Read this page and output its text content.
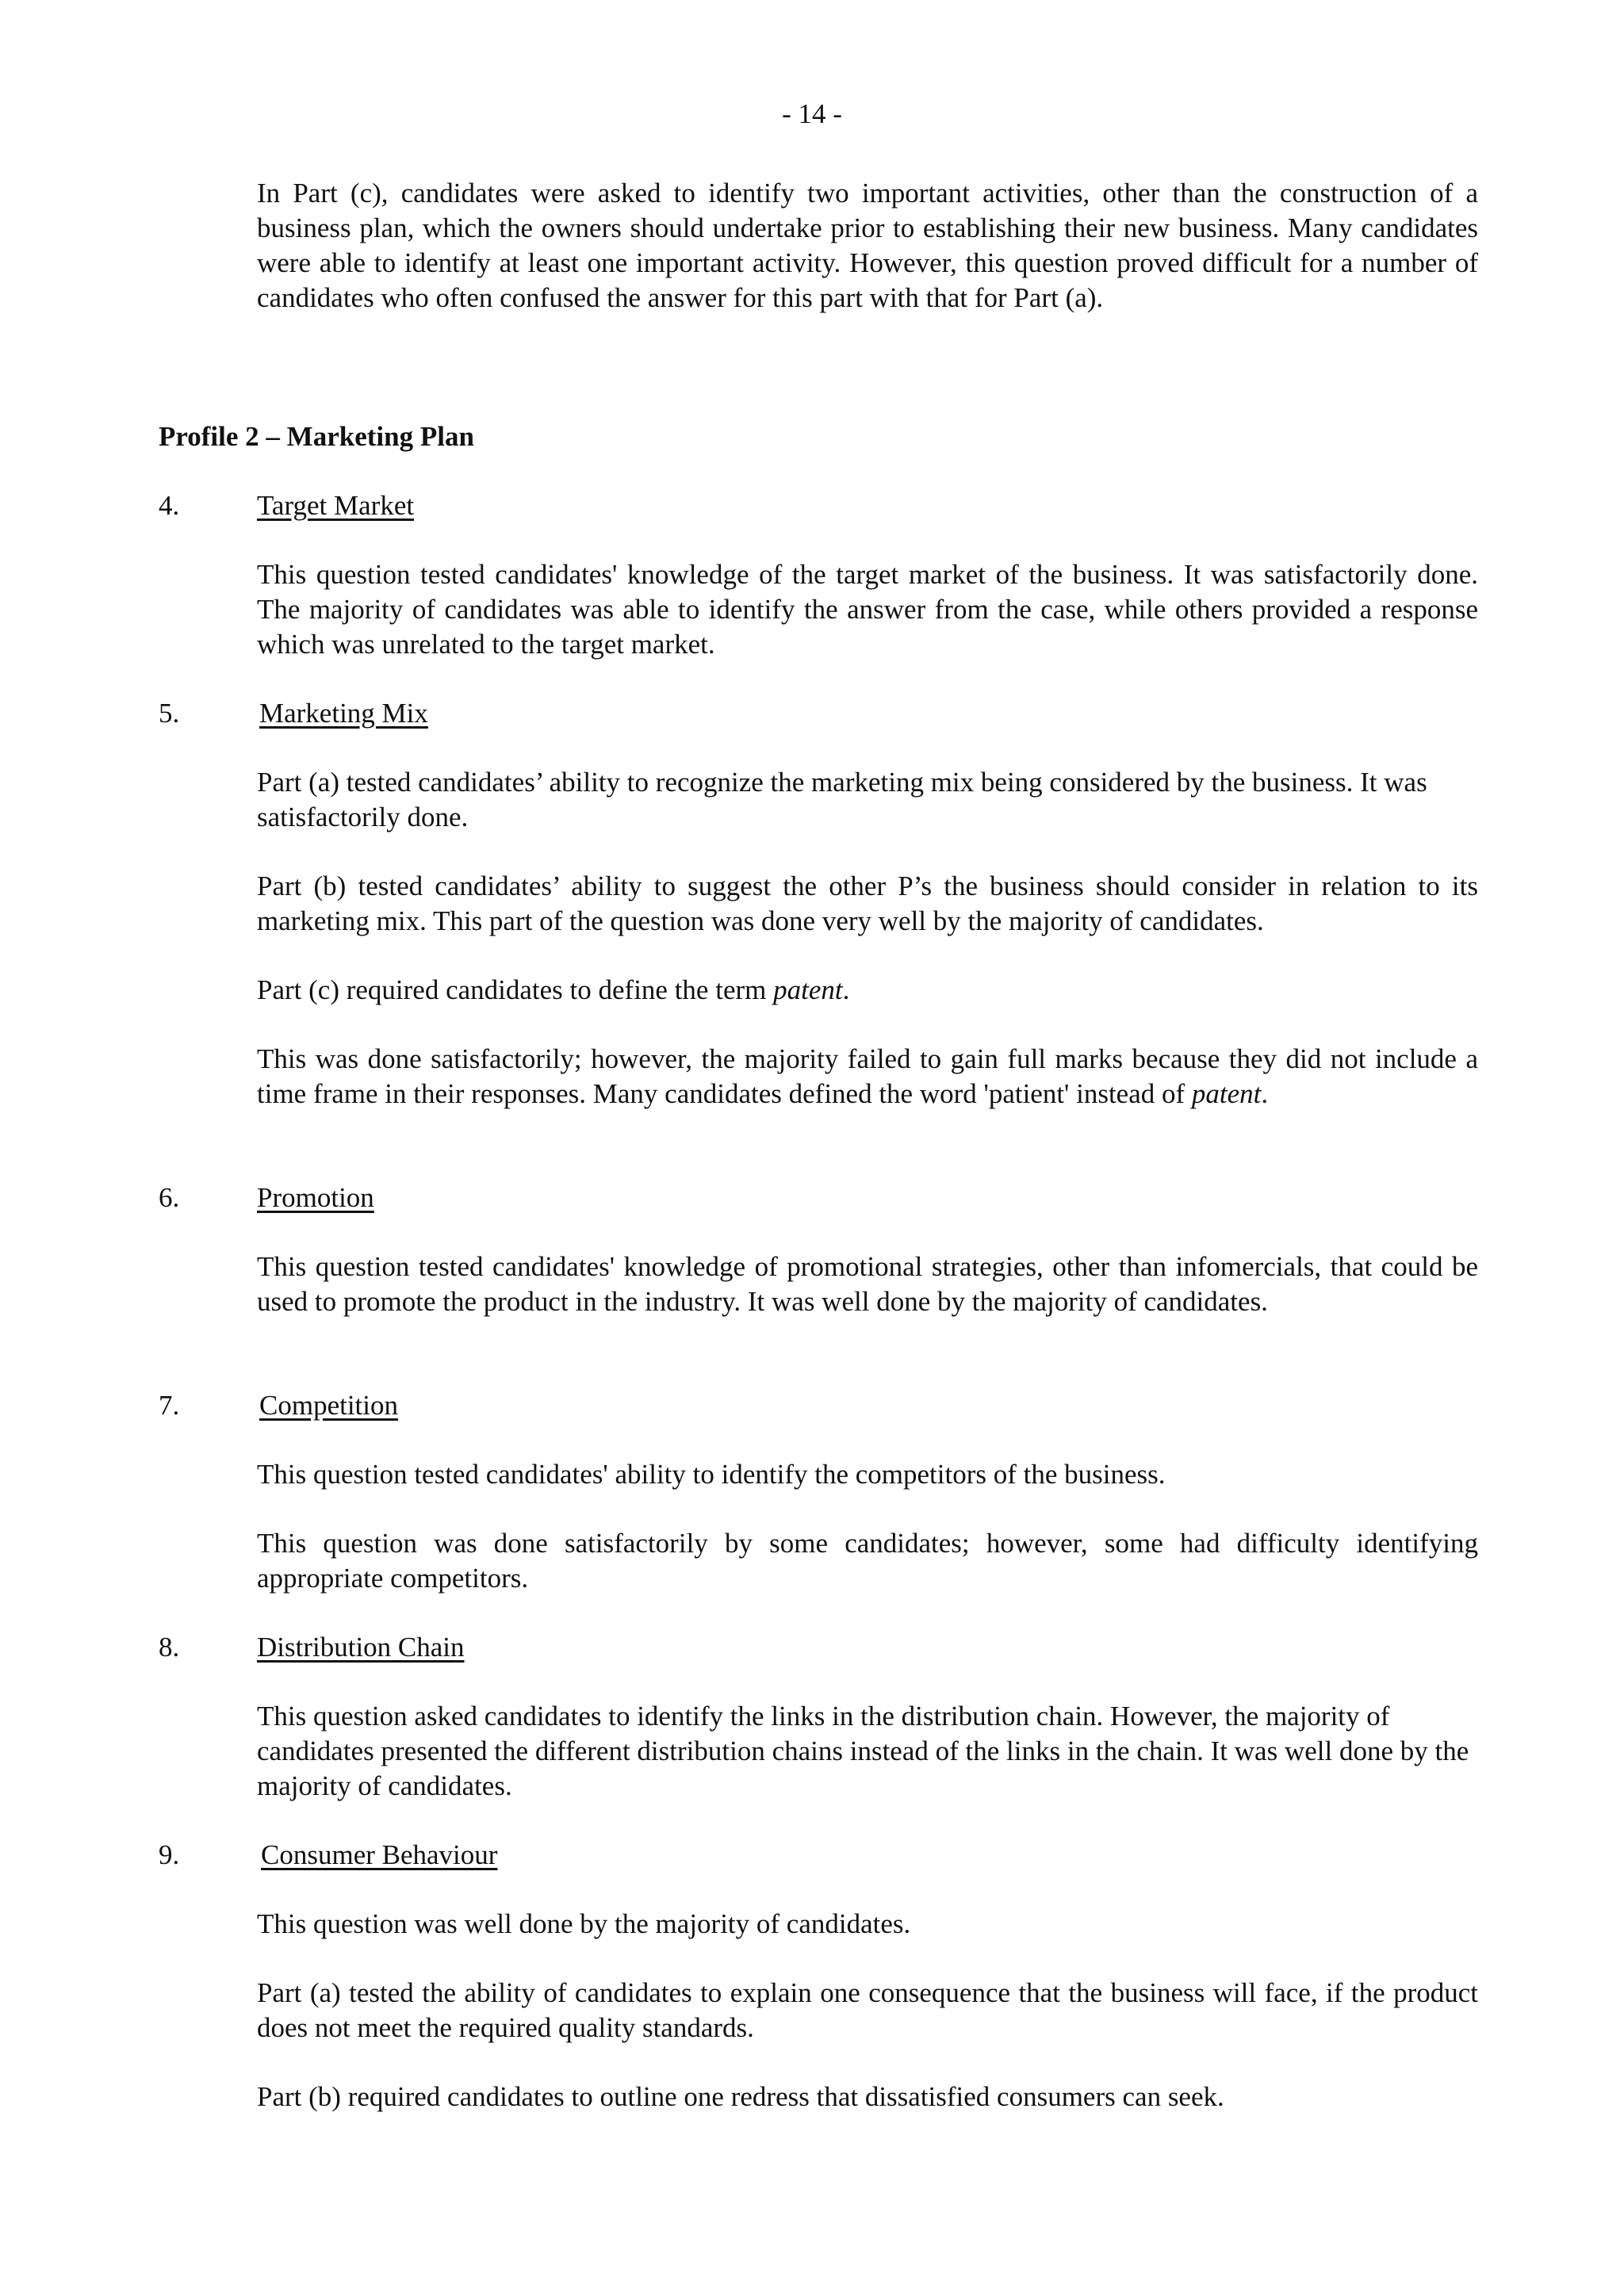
- 14 -

In Part (c), candidates were asked to identify two important activities, other than the construction of a business plan, which the owners should undertake prior to establishing their new business. Many candidates were able to identify at least one important activity. However, this question proved difficult for a number of candidates who often confused the answer for this part with that for Part (a).

Profile 2 – Marketing Plan

4.	Target Market

This question tested candidates' knowledge of the target market of the business. It was satisfactorily done. The majority of candidates was able to identify the answer from the case, while others provided a response which was unrelated to the target market.

5.	Marketing Mix

Part (a) tested candidates’ ability to recognize the marketing mix being considered by the business. It was satisfactorily done.

Part (b) tested candidates’ ability to suggest the other P’s the business should consider in relation to its marketing mix. This part of the question was done very well by the majority of candidates.

Part (c) required candidates to define the term patent.

This was done satisfactorily; however, the majority failed to gain full marks because they did not include a time frame in their responses. Many candidates defined the word 'patient' instead of patent.

6.	Promotion

This question tested candidates' knowledge of promotional strategies, other than infomercials, that could be used to promote the product in the industry. It was well done by the majority of candidates.

7.	Competition

This question tested candidates' ability to identify the competitors of the business.

This question was done satisfactorily by some candidates; however, some had difficulty identifying appropriate competitors.

8.	Distribution Chain

This question asked candidates to identify the links in the distribution chain. However, the majority of candidates presented the different distribution chains instead of the links in the chain. It was well done by the majority of candidates.

9.	Consumer Behaviour

This question was well done by the majority of candidates.

Part (a) tested the ability of candidates to explain one consequence that the business will face, if the product does not meet the required quality standards.

Part (b) required candidates to outline one redress that dissatisfied consumers can seek.
